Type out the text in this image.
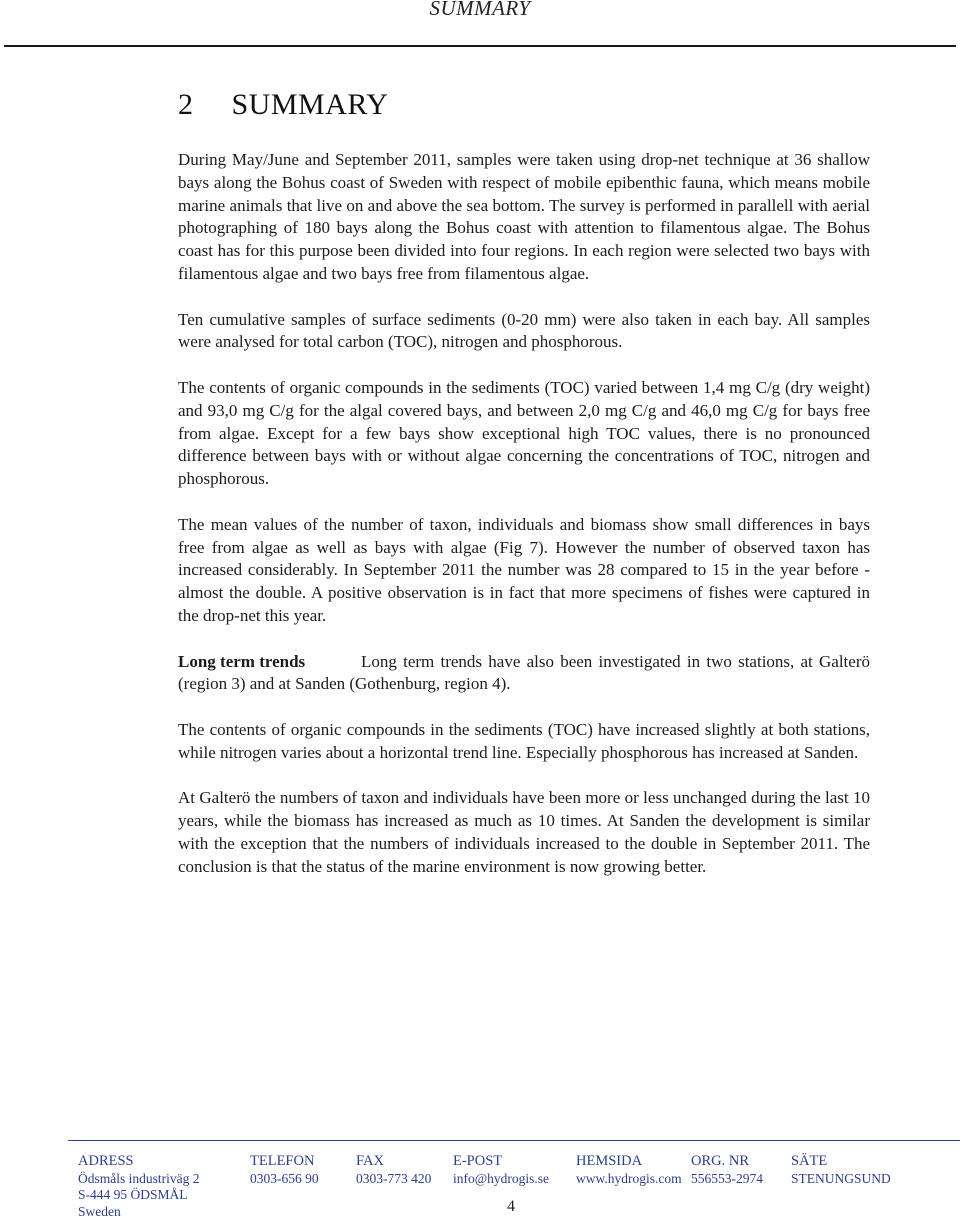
SUMMARY
2 SUMMARY

During May/June and September 2011, samples were taken using drop-net technique at 36 shallow bays along the Bohus coast of Sweden with respect of mobile epibenthic fauna, which means mobile marine animals that live on and above the sea bottom. The survey is performed in parallell with aerial photographing of 180 bays along the Bohus coast with attention to filamentous algae. The Bohus coast has for this purpose been divided into four regions. In each region were selected two bays with filamentous algae and two bays free from filamentous algae.

Ten cumulative samples of surface sediments (0-20 mm) were also taken in each bay. All samples were analysed for total carbon (TOC), nitrogen and phosphorous.

The contents of organic compounds in the sediments (TOC) varied between 1,4 mg C/g (dry weight) and 93,0 mg C/g for the algal covered bays, and between 2,0 mg C/g and 46,0 mg C/g for bays free from algae. Except for a few bays show exceptional high TOC values, there is no pronounced difference between bays with or without algae concerning the concentrations of TOC, nitrogen and phosphorous.

The mean values of the number of taxon, individuals and biomass show small differences in bays free from algae as well as bays with algae (Fig 7). However the number of observed taxon has increased considerably. In September 2011 the number was 28 compared to 15 in the year before - almost the double. A positive observation is in fact that more specimens of fishes were captured in the drop-net this year.

Long term trends	Long term trends have also been investigated in two stations, at Galterö (region 3) and at Sanden (Gothenburg, region 4).

The contents of organic compounds in the sediments (TOC) have increased slightly at both stations, while nitrogen varies about a horizontal trend line. Especially phosphorous has increased at Sanden.

At Galterö the numbers of taxon and individuals have been more or less unchanged during the last 10 years, while the biomass has increased as much as 10 times. At Sanden the development is similar with the exception that the numbers of individuals increased to the double in September 2011. The conclusion is that the status of the marine environment is now growing better.

ADRESS
Ödsmåls industriväg 2
S-444 95 ÖDSMÅL
Sweden
TELEFON
0303-656 90
FAX
0303-773 420
E-POST
info@hydrogis.se
HEMSIDA
www.hydrogis.com
ORG. NR
556553-2974
SÄTE
STENUNGSUND
4
